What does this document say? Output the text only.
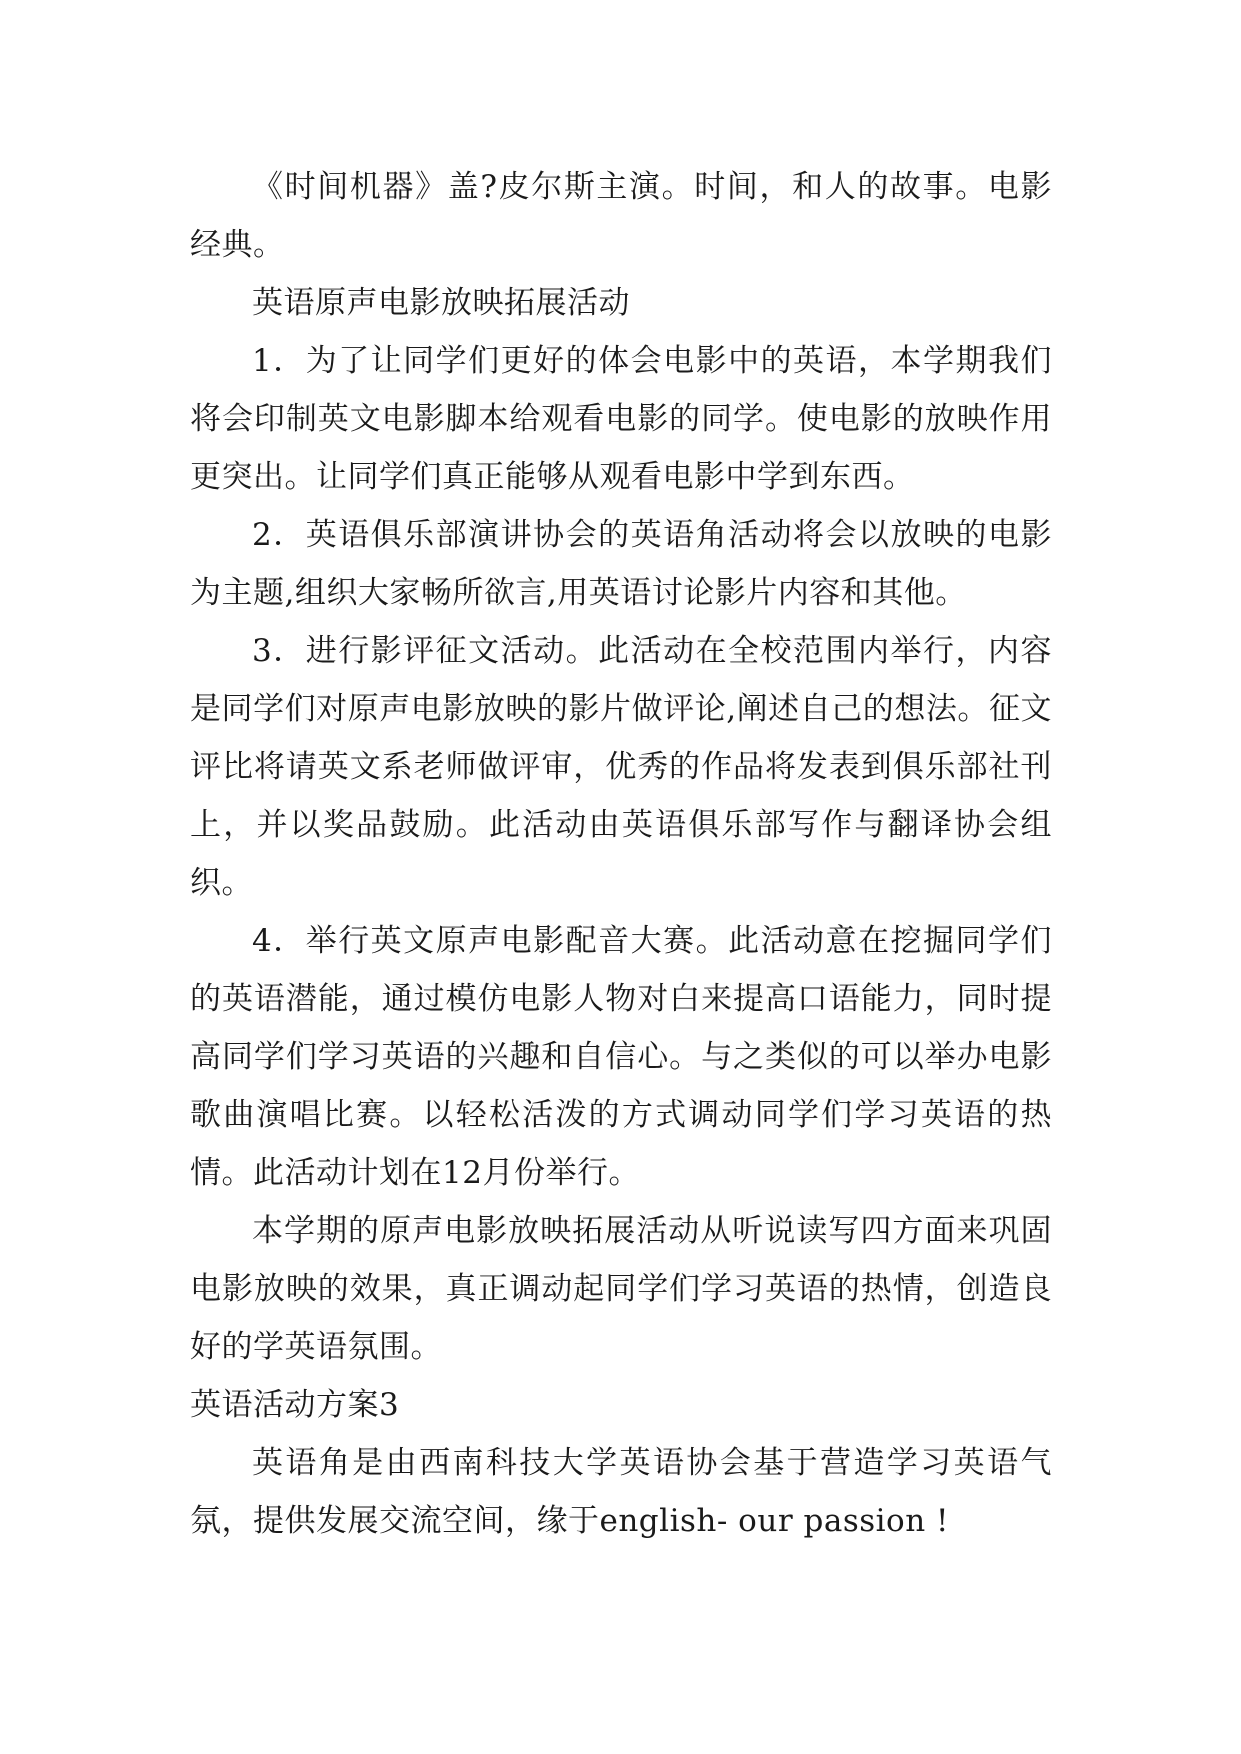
《时间机器》盖?皮尔斯主演。时间，和人的故事。电影经典。

英语原声电影放映拓展活动

1．为了让同学们更好的体会电影中的英语，本学期我们将会印制英文电影脚本给观看电影的同学。使电影的放映作用更突出。让同学们真正能够从观看电影中学到东西。

2．英语俱乐部演讲协会的英语角活动将会以放映的电影为主题,组织大家畅所欲言,用英语讨论影片内容和其他。

3．进行影评征文活动。此活动在全校范围内举行，内容是同学们对原声电影放映的影片做评论,阐述自己的想法。征文评比将请英文系老师做评审，优秀的作品将发表到俱乐部社刊上，并以奖品鼓励。此活动由英语俱乐部写作与翻译协会组织。

4．举行英文原声电影配音大赛。此活动意在挖掘同学们的英语潜能，通过模仿电影人物对白来提高口语能力，同时提高同学们学习英语的兴趣和自信心。与之类似的可以举办电影歌曲演唱比赛。以轻松活泼的方式调动同学们学习英语的热情。此活动计划在12月份举行。

本学期的原声电影放映拓展活动从听说读写四方面来巩固电影放映的效果，真正调动起同学们学习英语的热情，创造良好的学英语氛围。

英语活动方案3

英语角是由西南科技大学英语协会基于营造学习英语气氛，提供发展交流空间，缘于english- our passion !
